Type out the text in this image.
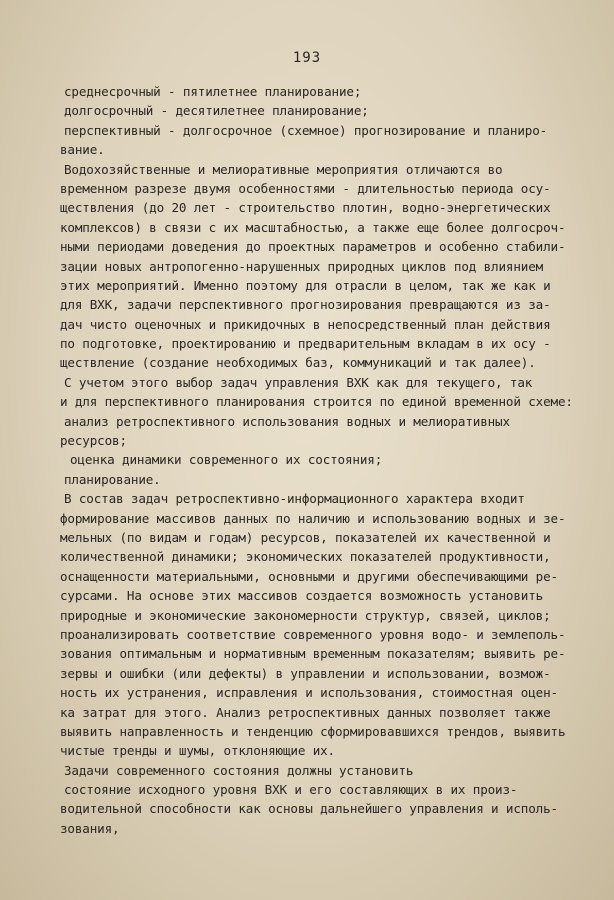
193
среднесрочный - пятилетнее планирование;
долгосрочный - десятилетнее планирование;
перспективный - долгосрочное (схемное) прогнозирование и планиро-
вание.
Водохозяйственные и мелиоративные мероприятия отличаются во
временном разрезе двумя особенностями - длительностью периода осу-
ществления (до 20 лет - строительство плотин, водно-энергетических
комплексов) в связи с их масштабностью, а также еще более долгосроч-
ными периодами доведения до проектных параметров и особенно стабили-
зации новых антропогенно-нарушенных природных циклов под влиянием
этих мероприятий. Именно поэтому для отрасли в целом, так же как и
для ВХК, задачи перспективного прогнозирования превращаются из за-
дач чисто оценочных и прикидочных в непосредственный план действия
по подготовке, проектированию и предварительным вкладам в их осу -
ществление (создание необходимых баз, коммуникаций и так далее).
С учетом этого выбор задач управления ВХК как для текущего, так
и для перспективного планирования строится по единой временной схеме:
анализ ретроспективного использования водных и мелиоративных
ресурсов;
оценка динамики современного их состояния;
планирование.
В состав задач ретроспективно-информационного характера входит
формирование массивов данных по наличию и использованию водных и зе-
мельных (по видам и годам) ресурсов, показателей их качественной и
количественной динамики; экономических показателей продуктивности,
оснащенности материальными, основными и другими обеспечивающими ре-
сурсами. На основе этих массивов создается возможность установить
природные и экономические закономерности структур, связей, циклов;
проанализировать соответствие современного уровня водо- и землеполь-
зования оптимальным и нормативным временным показателям; выявить ре-
зервы и ошибки (или дефекты) в управлении и использовании, возмож-
ность их устранения, исправления и использования, стоимостная оцен-
ка затрат для этого. Анализ ретроспективных данных позволяет также
выявить направленность и тенденцию сформировавшихся трендов, выявить
чистые тренды и шумы, отклоняющие их.
Задачи современного состояния должны установить
состояние исходного уровня ВХК и его составляющих в их произ-
водительной способности как основы дальнейшего управления и исполь-
зования,
